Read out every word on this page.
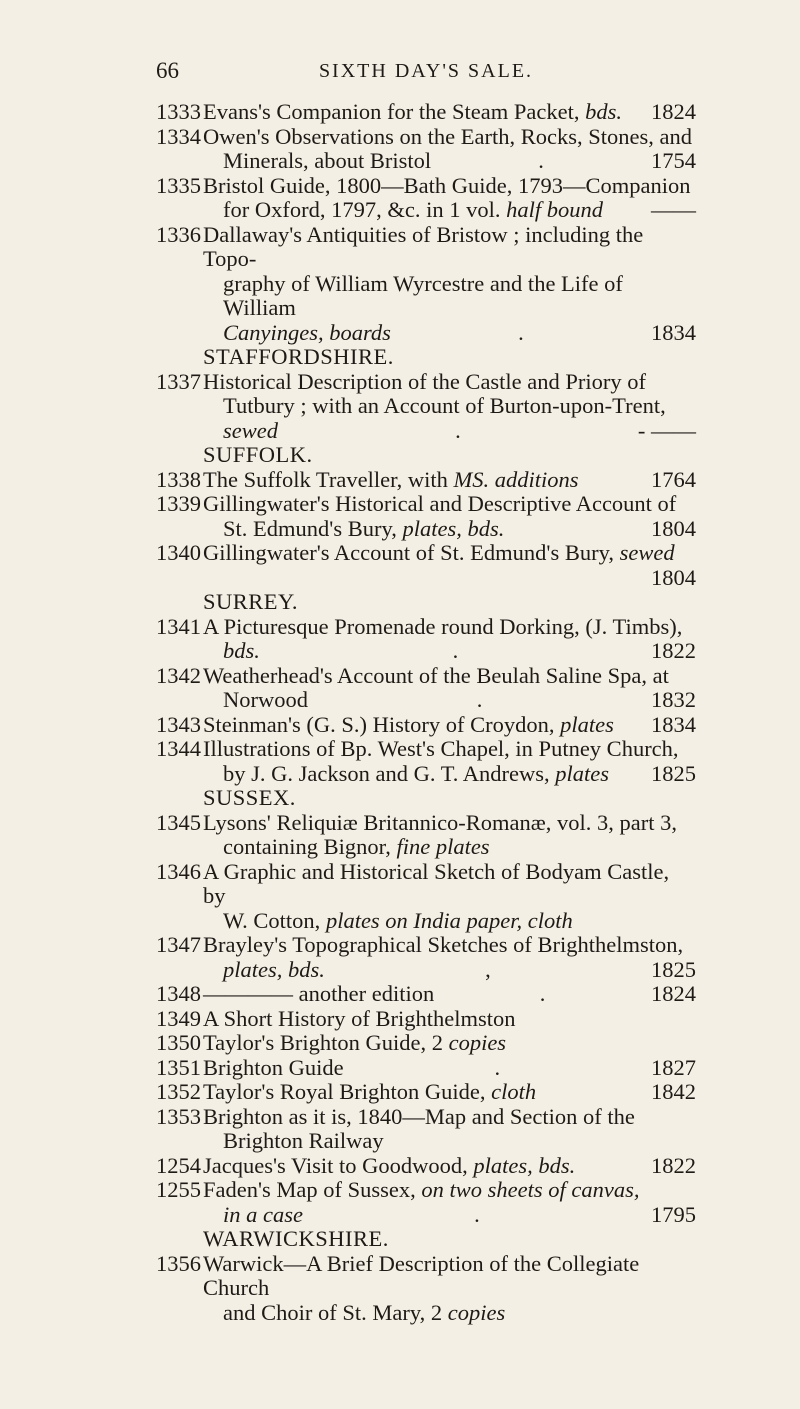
66	SIXTH DAY'S SALE.
1333 Evans's Companion for the Steam Packet, bds. 1824
1334 Owen's Observations on the Earth, Rocks, Stones, and
Minerals, about Bristol	.	1754
1335 Bristol Guide, 1800—Bath Guide, 1793—Companion
for Oxford, 1797, &c. in 1 vol. half bound ——
1336 Dallaway's Antiquities of Bristow ; including the Topo-
graphy of William Wyrcestre and the Life of William
Canyinges, boards	.	1834
STAFFORDSHIRE.
1337 Historical Description of the Castle and Priory of
Tutbury ; with an Account of Burton-upon-Trent,
sewed	.	- ——
SUFFOLK.
1338 The Suffolk Traveller, with MS. additions	1764
1339 Gillingwater's Historical and Descriptive Account of
St. Edmund's Bury, plates, bds.	1804
1340 Gillingwater's Account of St. Edmund's Bury, sewed
1804
SURREY.
1341 A Picturesque Promenade round Dorking, (J. Timbs),
bds.	.	1822
1342 Weatherhead's Account of the Beulah Saline Spa, at
Norwood	.	1832
1343 Steinman's (G. S.) History of Croydon, plates 1834
1344 Illustrations of Bp. West's Chapel, in Putney Church,
by J. G. Jackson and G. T. Andrews, plates 1825
SUSSEX.
1345 Lysons' Reliquiæ Britannico-Romanæ, vol. 3, part 3,
containing Bignor, fine plates
1346 A Graphic and Historical Sketch of Bodyam Castle, by
W. Cotton, plates on India paper, cloth
1347 Brayley's Topographical Sketches of Brighthelmston,
plates, bds.	,	1825
1348 ———— another edition	.	1824
1349 A Short History of Brighthelmston
1350 Taylor's Brighton Guide, 2 copies
1351 Brighton Guide	.	1827
1352 Taylor's Royal Brighton Guide, cloth	1842
1353 Brighton as it is, 1840—Map and Section of the
Brighton Railway
1254 Jacques's Visit to Goodwood, plates, bds.	1822
1255 Faden's Map of Sussex, on two sheets of canvas,
in a case	.	1795
WARWICKSHIRE.
1356 Warwick—A Brief Description of the Collegiate Church
and Choir of St. Mary, 2 copies
